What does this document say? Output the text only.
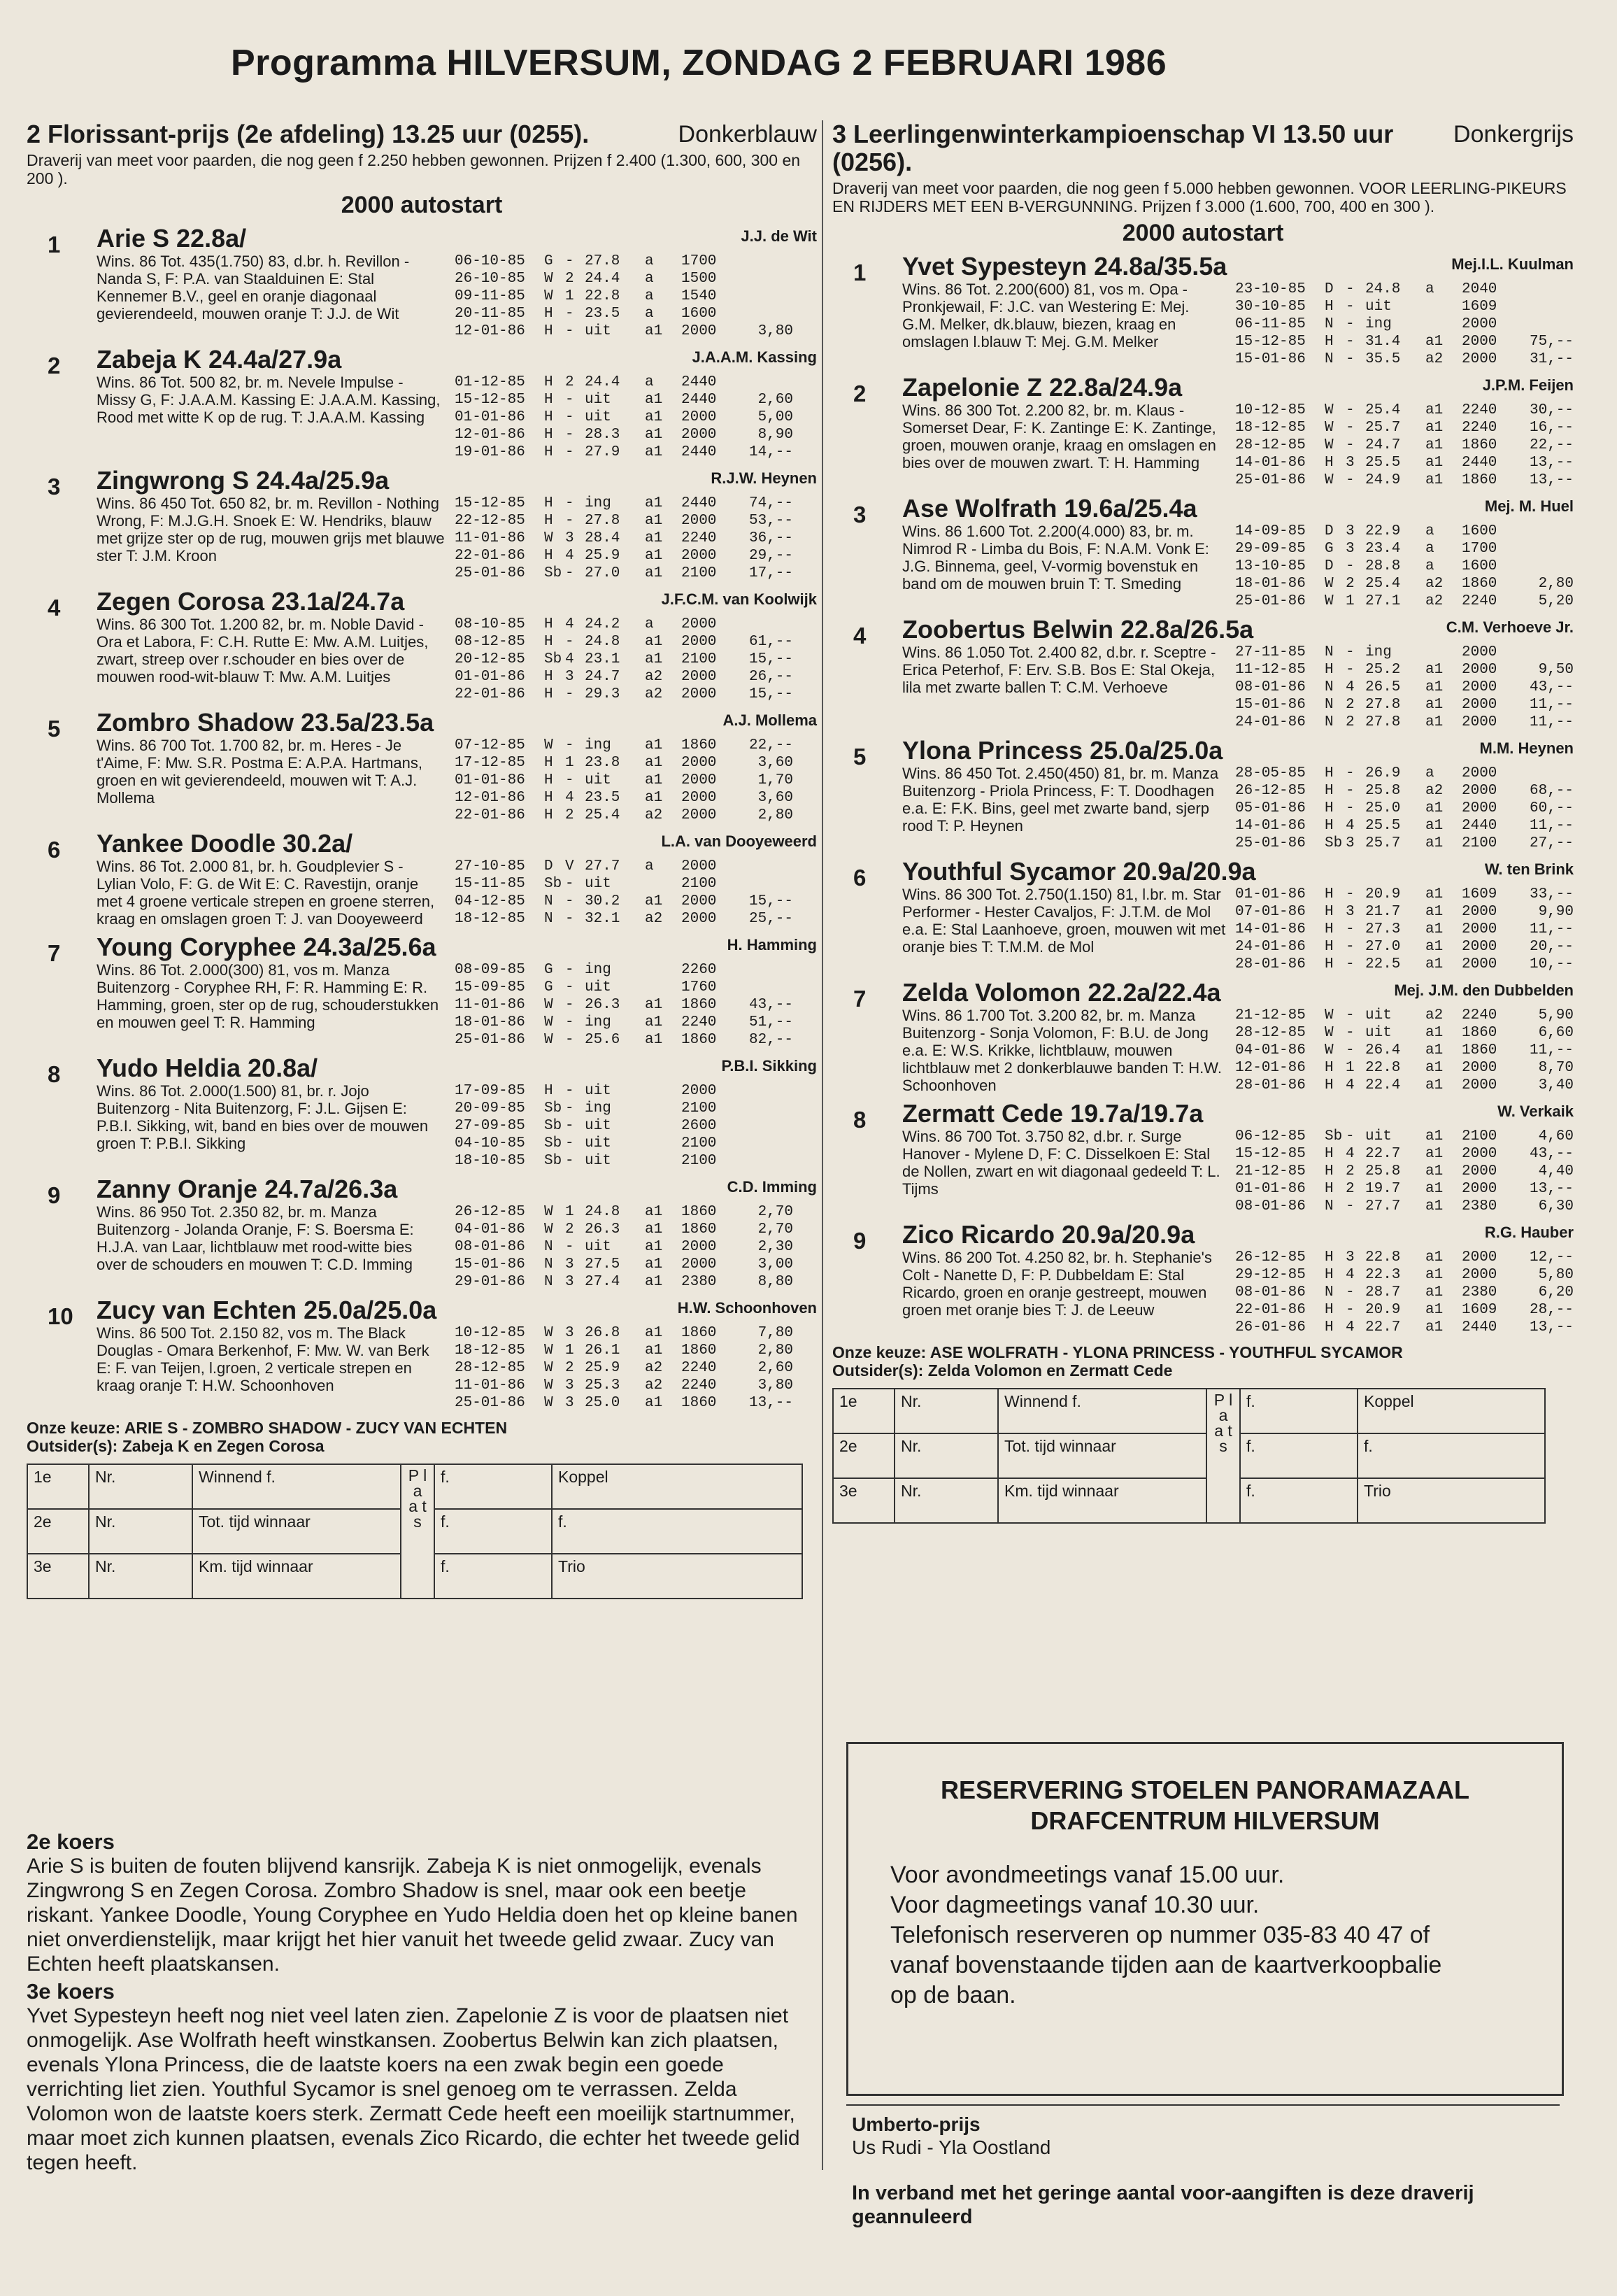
Programma HILVERSUM, ZONDAG 2 FEBRUARI 1986
Donkerblauw
2 Florissant-prijs (2e afdeling) 13.25 uur (0255).
Draverij van meet voor paarden, die nog geen f 2.250 hebben gewonnen. Prijzen f 2.400 (1.300, 600, 300 en 200 ).
2000 autostart
1 Arie S 22.8a/	J.J. de Wit
Wins. 86 Tot. 435(1.750) 83, d.br. h. Revillon - Nanda S, F: P.A. van Staalduinen E: Stal Kennemer B.V., geel en oranje diagonaal gevierendeeld, mouwen oranje T: J.J. de Wit
06-10-85	G - 27.8	a	1700
26-10-85	W 2 24.4	a	1500
09-11-85	W 1 22.8	a	1540
20-11-85	H - 23.5	a	1600
12-01-86	H - uit	a1	2000	3,80
2 Zabeja K 24.4a/27.9a	J.A.A.M. Kassing
Wins. 86 Tot. 500 82, br. m. Nevele Impulse - Missy G, F: J.A.A.M. Kassing E: J.A.A.M. Kassing, Rood met witte K op de rug. T: J.A.A.M. Kassing
01-12-85	H 2 24.4	a	2440
15-12-85	H - uit	a1	2440	2,60
01-01-86	H - uit	a1	2000	5,00
12-01-86	H - 28.3	a1	2000	8,90
19-01-86	H - 27.9	a1	2440	14,--
3 Zingwrong S 24.4a/25.9a	R.J.W. Heynen
Wins. 86 450 Tot. 650 82, br. m. Revillon - Nothing Wrong, F: M.J.G.H. Snoek E: W. Hendriks, blauw met grijze ster op de rug, mouwen grijs met blauwe ster T: J.M. Kroon
15-12-85	H - ing	a1	2440	74,--
22-12-85	H - 27.8	a1	2000	53,--
11-01-86	W 3 28.4	a1	2240	36,--
22-01-86	H 4 25.9	a1	2000	29,--
25-01-86	Sb - 27.0	a1	2100	17,--
4 Zegen Corosa 23.1a/24.7a	J.F.C.M. van Koolwijk
Wins. 86 300 Tot. 1.200 82, br. m. Noble David - Ora et Labora, F: C.H. Rutte E: Mw. A.M. Luitjes, zwart, streep over r.schouder en bies over de mouwen rood-wit-blauw T: Mw. A.M. Luitjes
08-10-85	H 4 24.2	a	2000
08-12-85	H - 24.8	a1	2000	61,--
20-12-85	Sb 4 23.1	a1	2100	15,--
01-01-86	H 3 24.7	a2	2000	26,--
22-01-86	H - 29.3	a2	2000	15,--
5 Zombro Shadow 23.5a/23.5a	A.J. Mollema
Wins. 86 700 Tot. 1.700 82, br. m. Heres - Je t'Aime, F: Mw. S.R. Postma E: A.P.A. Hartmans, groen en wit gevierendeeld, mouwen wit T: A.J. Mollema
07-12-85	W - ing	a1	1860	22,--
17-12-85	H 1 23.8	a1	2000	3,60
01-01-86	H - uit	a1	2000	1,70
12-01-86	H 4 23.5	a1	2000	3,60
22-01-86	H 2 25.4	a2	2000	2,80
6 Yankee Doodle 30.2a/	L.A. van Dooyeweerd
Wins. 86 Tot. 2.000 81, br. h. Goudplevier S - Lylian Volo, F: G. de Wit E: C. Ravestijn, oranje met 4 groene verticale strepen en groene sterren, kraag en omslagen groen T: J. van Dooyeweerd
27-10-85	D V 27.7	a	2000
15-11-85	Sb - uit	2100
04-12-85	N - 30.2	a1	2000	15,--
18-12-85	N - 32.1	a2	2000	25,--
7 Young Coryphee 24.3a/25.6a	H. Hamming
Wins. 86 Tot. 2.000(300) 81, vos m. Manza Buitenzorg - Coryphee RH, F: R. Hamming E: R. Hamming, groen, ster op de rug, schouderstukken en mouwen geel T: R. Hamming
08-09-85	G - ing	2260
15-09-85	G - uit	1760
11-01-86	W - 26.3	a1	1860	43,--
18-01-86	W - ing	a1	2240	51,--
25-01-86	W - 25.6	a1	1860	82,--
8 Yudo Heldia 20.8a/	P.B.I. Sikking
Wins. 86 Tot. 2.000(1.500) 81, br. r. Jojo Buitenzorg - Nita Buitenzorg, F: J.L. Gijsen E: P.B.I. Sikking, wit, band en bies over de mouwen groen T: P.B.I. Sikking
17-09-85	H - uit	2000
20-09-85	Sb - ing	2100
27-09-85	Sb - uit	2600
04-10-85	Sb - uit	2100
18-10-85	Sb - uit	2100
9 Zanny Oranje 24.7a/26.3a	C.D. Imming
Wins. 86 950 Tot. 2.350 82, br. m. Manza Buitenzorg - Jolanda Oranje, F: S. Boersma E: H.J.A. van Laar, lichtblauw met rood-witte bies over de schouders en mouwen T: C.D. Imming
26-12-85	W 1 24.8	a1	1860	2,70
04-01-86	W 2 26.3	a1	1860	2,70
08-01-86	N - uit	a1	2000	2,30
15-01-86	N 3 27.5	a1	2000	3,00
29-01-86	N 3 27.4	a1	2380	8,80
10 Zucy van Echten 25.0a/25.0a	H.W. Schoonhoven
Wins. 86 500 Tot. 2.150 82, vos m. The Black Douglas - Omara Berkenhof, F: Mw. W. van Berk E: F. van Teijen, l.groen, 2 verticale strepen en kraag oranje T: H.W. Schoonhoven
10-12-85	W 3 26.8	a1	1860	7,80
18-12-85	W 1 26.1	a1	1860	2,80
28-12-85	W 2 25.9	a2	2240	2,60
11-01-86	W 3 25.3	a2	2240	3,80
25-01-86	W 3 25.0	a1	1860	13,--
Onze keuze: ARIE S - ZOMBRO SHADOW - ZUCY VAN ECHTEN
Outsider(s): Zabeja K en Zegen Corosa
1e	Nr.	Winnend f.	P l a a t s	f.	Koppel
2e	Nr.	Tot. tijd winnaar		f.	f.
3e	Nr.	Km. tijd winnaar		f.	Trio
Donkergrijs
3 Leerlingenwinterkampioenschap VI 13.50 uur (0256).
Draverij van meet voor paarden, die nog geen f 5.000 hebben gewonnen. VOOR LEERLING-PIKEURS EN RIJDERS MET EEN B-VERGUNNING. Prijzen f 3.000 (1.600, 700, 400 en 300 ).
2000 autostart
1 Yvet Sypesteyn 24.8a/35.5a	Mej.I.L. Kuulman
Wins. 86 Tot. 2.200(600) 81, vos m. Opa - Pronkjewail, F: J.C. van Westering E: Mej. G.M. Melker, dk.blauw, biezen, kraag en omslagen l.blauw T: Mej. G.M. Melker
23-10-85	D - 24.8	a	2040
30-10-85	H - uit	1609
06-11-85	N - ing	2000
15-12-85	H - 31.4	a1	2000	75,--
15-01-86	N - 35.5	a2	2000	31,--
2 Zapelonie Z 22.8a/24.9a	J.P.M. Feijen
Wins. 86 300 Tot. 2.200 82, br. m. Klaus - Somerset Dear, F: K. Zantinge E: K. Zantinge, groen, mouwen oranje, kraag en omslagen en bies over de mouwen zwart. T: H. Hamming
10-12-85	W - 25.4	a1	2240	30,--
18-12-85	W - 25.7	a1	2240	16,--
28-12-85	W - 24.7	a1	1860	22,--
14-01-86	H 3 25.5	a1	2440	13,--
25-01-86	W - 24.9	a1	1860	13,--
3 Ase Wolfrath 19.6a/25.4a	Mej. M. Huel
Wins. 86 1.600 Tot. 2.200(4.000) 83, br. m. Nimrod R - Limba du Bois, F: N.A.M. Vonk E: J.G. Binnema, geel, V-vormig bovenstuk en band om de mouwen bruin T: T. Smeding
14-09-85	D 3 22.9	a	1600
29-09-85	G 3 23.4	a	1700
13-10-85	D - 28.8	a	1600
18-01-86	W 2 25.4	a2	1860	2,80
25-01-86	W 1 27.1	a2	2240	5,20
4 Zoobertus Belwin 22.8a/26.5a	C.M. Verhoeve Jr.
Wins. 86 1.050 Tot. 2.400 82, d.br. r. Sceptre - Erica Peterhof, F: Erv. S.B. Bos E: Stal Okeja, lila met zwarte ballen T: C.M. Verhoeve
27-11-85	N - ing	2000
11-12-85	H - 25.2	a1	2000	9,50
08-01-86	N 4 26.5	a1	2000	43,--
15-01-86	N 2 27.8	a1	2000	11,--
24-01-86	N 2 27.8	a1	2000	11,--
5 Ylona Princess 25.0a/25.0a	M.M. Heynen
Wins. 86 450 Tot. 2.450(450) 81, br. m. Manza Buitenzorg - Priola Princess, F: T. Doodhagen e.a. E: F.K. Bins, geel met zwarte band, sjerp rood T: P. Heynen
28-05-85	H - 26.9	a	2000
26-12-85	H - 25.8	a2	2000	68,--
05-01-86	H - 25.0	a1	2000	60,--
14-01-86	H 4 25.5	a1	2440	11,--
25-01-86	Sb 3 25.7	a1	2100	27,--
6 Youthful Sycamor 20.9a/20.9a	W. ten Brink
Wins. 86 300 Tot. 2.750(1.150) 81, l.br. m. Star Performer - Hester Cavaljos, F: J.T.M. de Mol e.a. E: Stal Laanhoeve, groen, mouwen wit met oranje bies T: T.M.M. de Mol
01-01-86	H - 20.9	a1	1609	33,--
07-01-86	H 3 21.7	a1	2000	9,90
14-01-86	H - 27.3	a1	2000	11,--
24-01-86	H - 27.0	a1	2000	20,--
28-01-86	H - 22.5	a1	2000	10,--
7 Zelda Volomon 22.2a/22.4a	Mej. J.M. den Dubbelden
Wins. 86 1.700 Tot. 3.200 82, br. m. Manza Buitenzorg - Sonja Volomon, F: B.U. de Jong e.a. E: W.S. Krikke, lichtblauw, mouwen lichtblauw met 2 donkerblauwe banden T: H.W. Schoonhoven
21-12-85	W - uit	a2	2240	5,90
28-12-85	W - uit	a1	1860	6,60
04-01-86	W - 26.4	a1	1860	11,--
12-01-86	H 1 22.8	a1	2000	8,70
28-01-86	H 4 22.4	a1	2000	3,40
8 Zermatt Cede 19.7a/19.7a	W. Verkaik
Wins. 86 700 Tot. 3.750 82, d.br. r. Surge Hanover - Mylene D, F: C. Disselkoen E: Stal de Nollen, zwart en wit diagonaal gedeeld T: L. Tijms
06-12-85	Sb - uit	a1	2100	4,60
15-12-85	H 4 22.7	a1	2000	43,--
21-12-85	H 2 25.8	a1	2000	4,40
01-01-86	H 2 19.7	a1	2000	13,--
08-01-86	N - 27.7	a1	2380	6,30
9 Zico Ricardo 20.9a/20.9a	R.G. Hauber
Wins. 86 200 Tot. 4.250 82, br. h. Stephanie's Colt - Nanette D, F: P. Dubbeldam E: Stal Ricardo, groen en oranje gestreept, mouwen groen met oranje bies T: J. de Leeuw
26-12-85	H 3 22.8	a1	2000	12,--
29-12-85	H 4 22.3	a1	2000	5,80
08-01-86	N - 28.7	a1	2380	6,20
22-01-86	H - 20.9	a1	1609	28,--
26-01-86	H 4 22.7	a1	2440	13,--
Onze keuze: ASE WOLFRATH - YLONA PRINCESS - YOUTHFUL SYCAMOR
Outsider(s): Zelda Volomon en Zermatt Cede
1e	Nr.	Winnend f.	P l a a t s	f.	Koppel
2e	Nr.	Tot. tijd winnaar		f.	f.
3e	Nr.	Km. tijd winnaar		f.	Trio
2e koers

Arie S is buiten de fouten blijvend kansrijk. Zabeja K is niet onmogelijk, evenals Zingwrong S en Zegen Corosa. Zombro Shadow is snel, maar ook een beetje riskant. Yankee Doodle, Young Coryphee en Yudo Heldia doen het op kleine banen niet onverdienstelijk, maar krijgt het hier vanuit het tweede gelid zwaar. Zucy van Echten heeft plaatskansen.

3e koers

Yvet Sypesteyn heeft nog niet veel laten zien. Zapelonie Z is voor de plaatsen niet onmogelijk. Ase Wolfrath heeft winstkansen. Zoobertus Belwin kan zich plaatsen, evenals Ylona Princess, die de laatste koers na een zwak begin een goede verrichting liet zien. Youthful Sycamor is snel genoeg om te verrassen. Zelda Volomon won de laatste koers sterk. Zermatt Cede heeft een moeilijk startnummer, maar moet zich kunnen plaatsen, evenals Zico Ricardo, die echter het tweede gelid tegen heeft.

RESERVERING STOELEN PANORAMAZAAL
DRAFCENTRUM HILVERSUM
Voor avondmeetings vanaf 15.00 uur.
Voor dagmeetings vanaf 10.30 uur.
Telefonisch reserveren op nummer 035-83 40 47 of
vanaf bovenstaande tijden aan de kaartverkoopbalie
op de baan.
Umberto-prijs
Us Rudi - Yla Oostland
In verband met het geringe aantal voor-aangiften is deze draverij geannuleerd
